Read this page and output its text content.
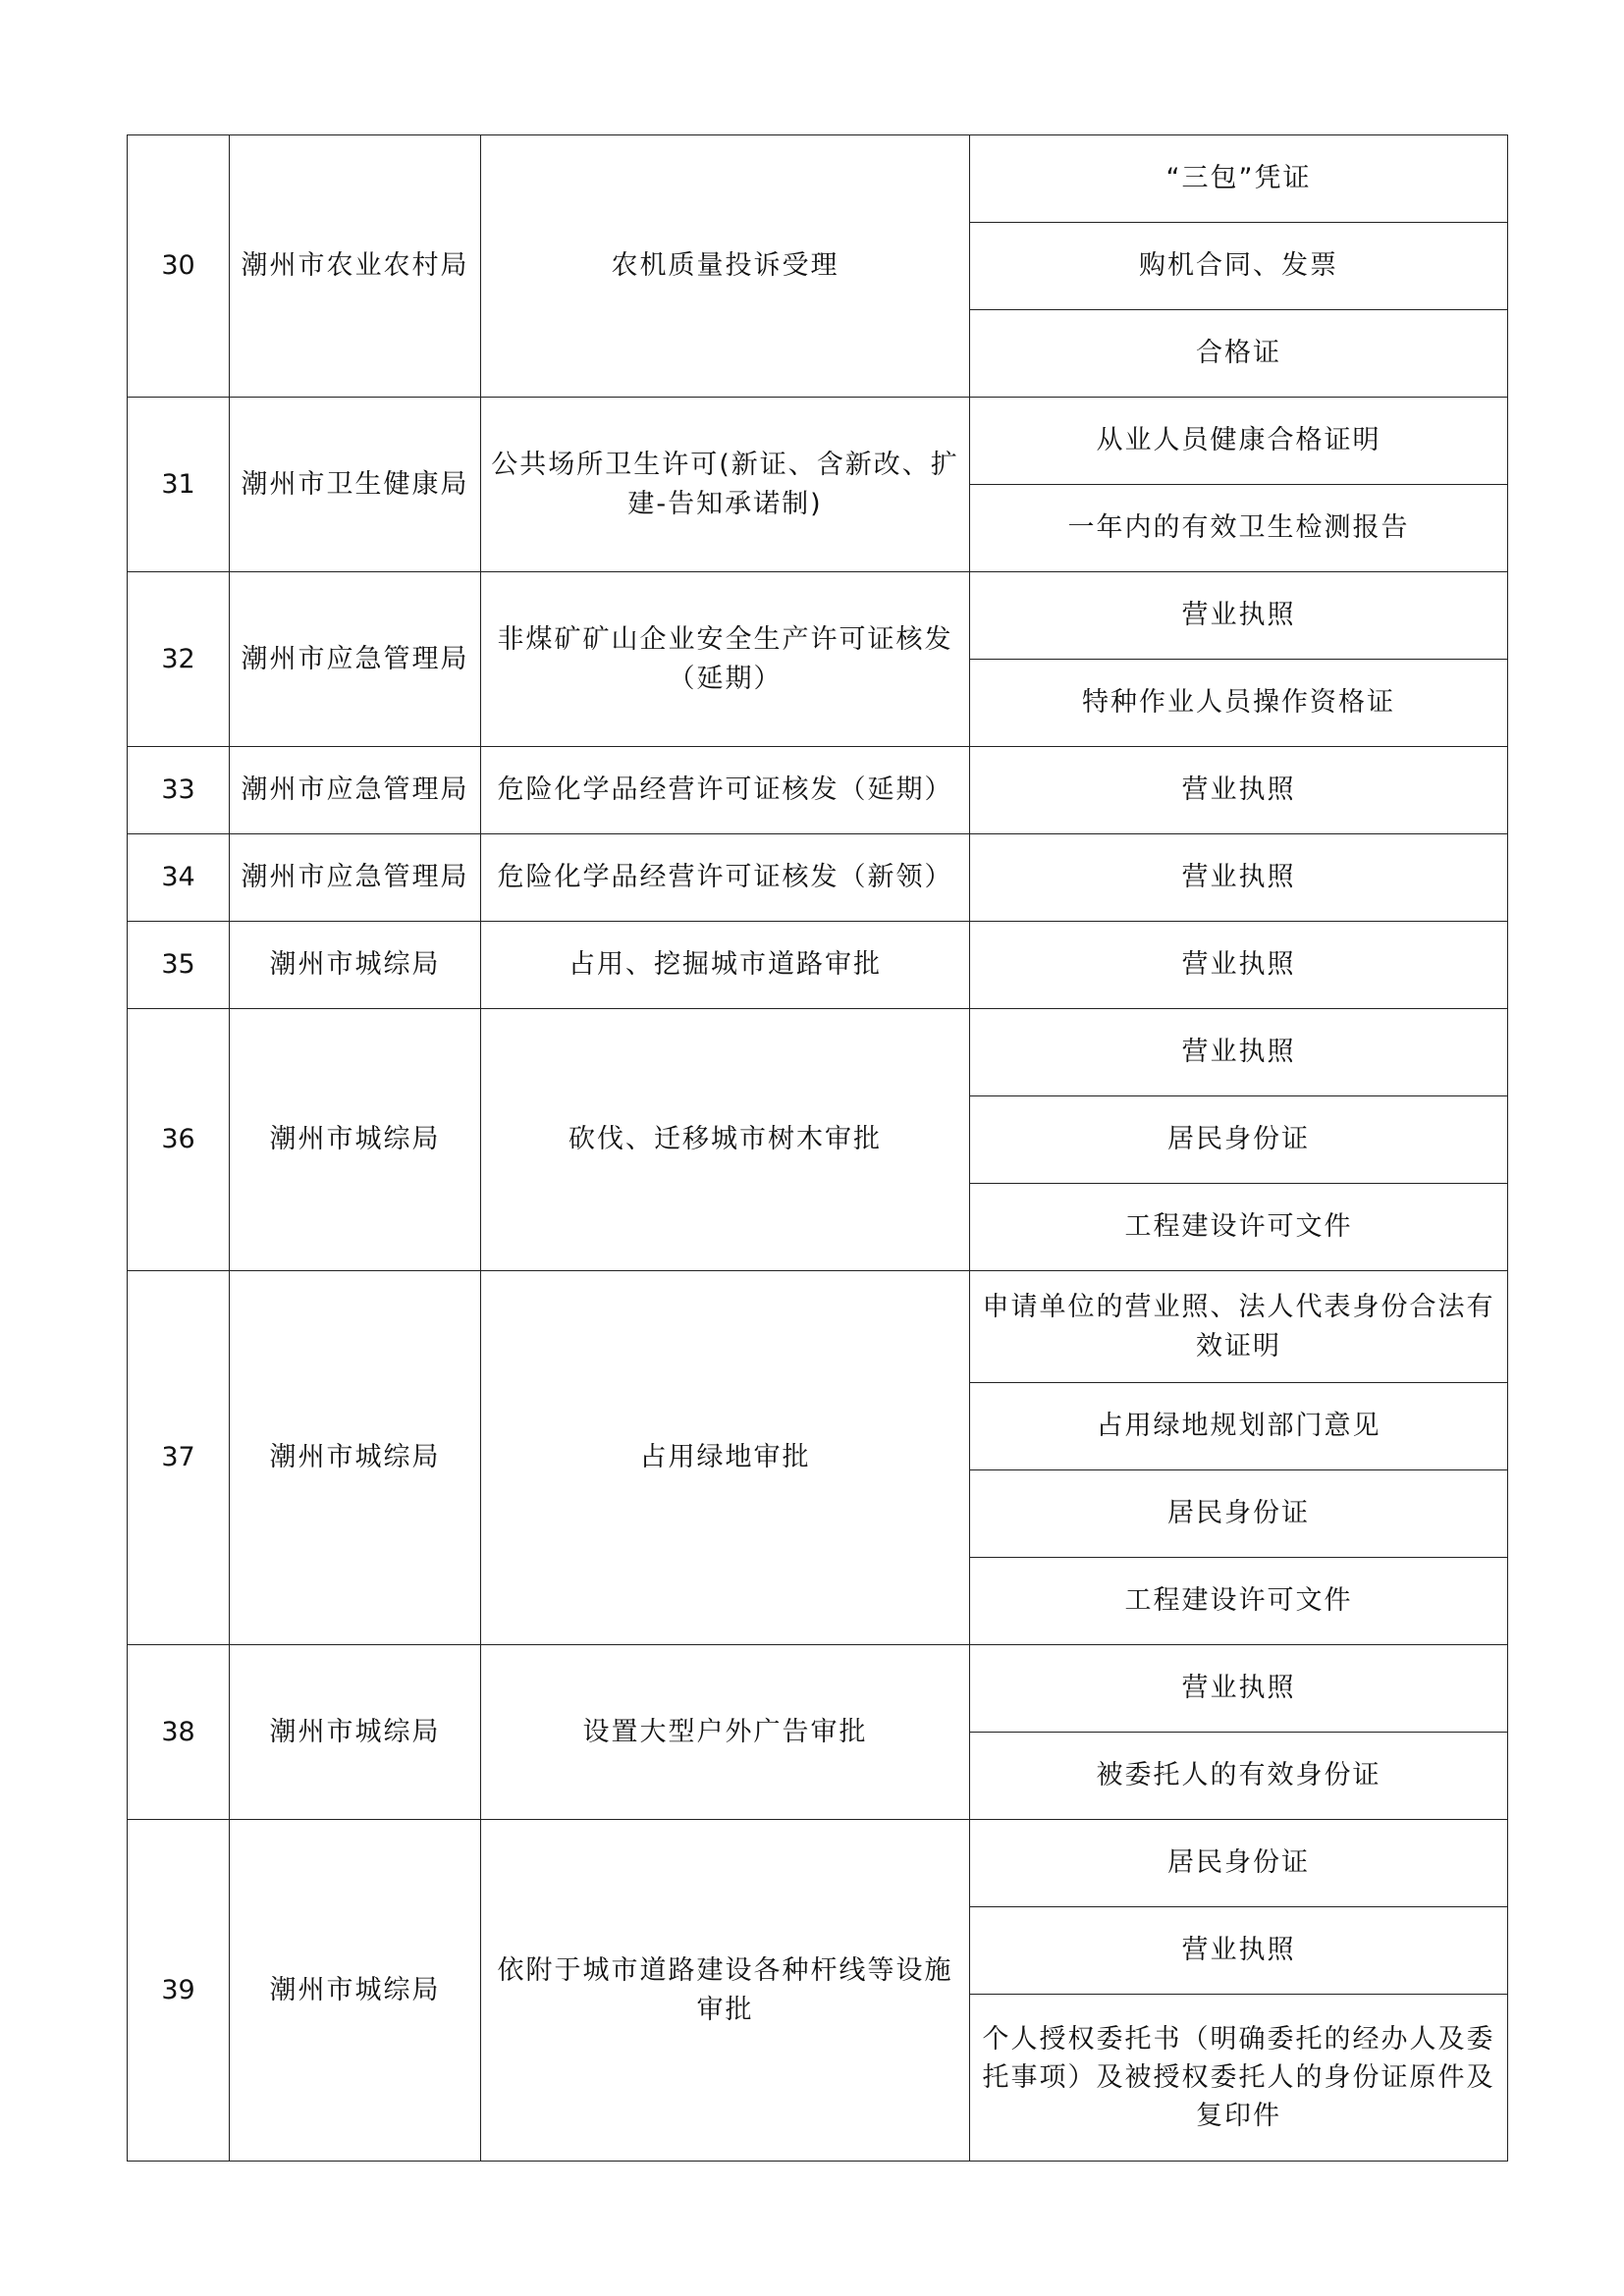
30	潮州市农业农村局	农机质量投诉受理	“三包”凭证
			购机合同、发票
			合格证
31	潮州市卫生健康局	公共场所卫生许可(新证、含新改、扩建-告知承诺制)	从业人员健康合格证明
			一年内的有效卫生检测报告
32	潮州市应急管理局	非煤矿矿山企业安全生产许可证核发（延期）	营业执照
			特种作业人员操作资格证
33	潮州市应急管理局	危险化学品经营许可证核发（延期）	营业执照
34	潮州市应急管理局	危险化学品经营许可证核发（新领）	营业执照
35	潮州市城综局	占用、挖掘城市道路审批	营业执照
36	潮州市城综局	砍伐、迁移城市树木审批	营业执照
			居民身份证
			工程建设许可文件
37	潮州市城综局	占用绿地审批	申请单位的营业照、法人代表身份合法有效证明
			占用绿地规划部门意见
			居民身份证
			工程建设许可文件
38	潮州市城综局	设置大型户外广告审批	营业执照
			被委托人的有效身份证
39	潮州市城综局	依附于城市道路建设各种杆线等设施审批	居民身份证
			营业执照
			个人授权委托书（明确委托的经办人及委托事项）及被授权委托人的身份证原件及复印件
